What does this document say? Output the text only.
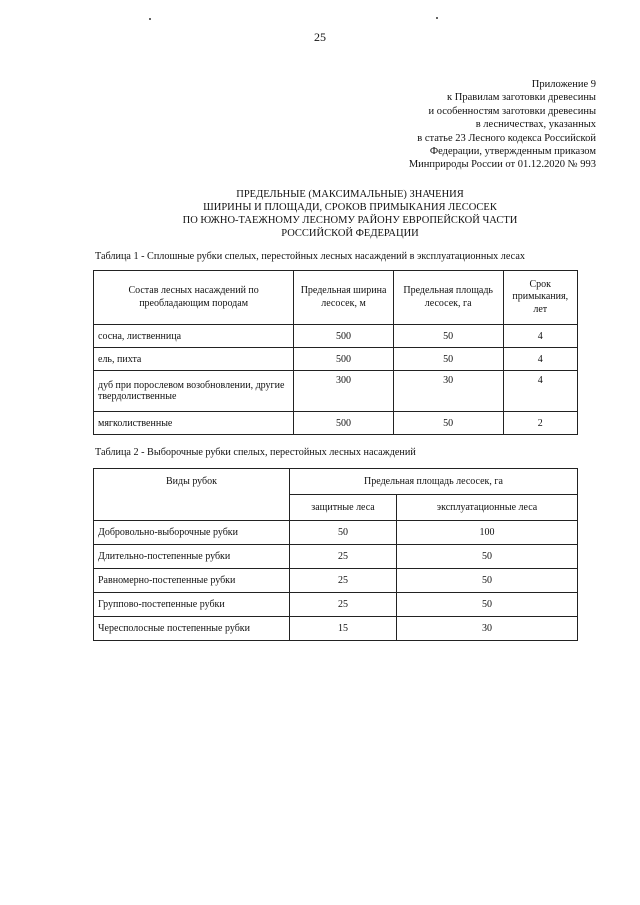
25
Приложение 9
к Правилам заготовки древесины
и особенностям заготовки древесины
в лесничествах, указанных
в статье 23 Лесного кодекса Российской
Федерации, утвержденным приказом
Минприроды России от 01.12.2020 № 993
ПРЕДЕЛЬНЫЕ (МАКСИМАЛЬНЫЕ) ЗНАЧЕНИЯ
ШИРИНЫ И ПЛОЩАДИ, СРОКОВ ПРИМЫКАНИЯ ЛЕСОСЕК
ПО ЮЖНО-ТАЕЖНОМУ ЛЕСНОМУ РАЙОНУ ЕВРОПЕЙСКОЙ ЧАСТИ
РОССИЙСКОЙ ФЕДЕРАЦИИ
Таблица 1 - Сплошные рубки спелых, перестойных лесных насаждений в эксплуатационных лесах
Состав лесных насаждений по преобладающим породам	Предельная ширина лесосек, м	Предельная площадь лесосек, га	Срок примыкания, лет
сосна, лиственница	500	50	4
ель, пихта	500	50	4
дуб при порослевом возобновлении, другие твердолиственные	300	30	4
мягколиственные	500	50	2
Таблица 2 - Выборочные рубки спелых, перестойных лесных насаждений
Виды рубок	Предельная площадь лесосек, га	
	защитные леса	эксплуатационные леса
Добровольно-выборочные рубки	50	100
Длительно-постепенные рубки	25	50
Равномерно-постепенные рубки	25	50
Группово-постепенные рубки	25	50
Чересполосные постепенные рубки	15	30
